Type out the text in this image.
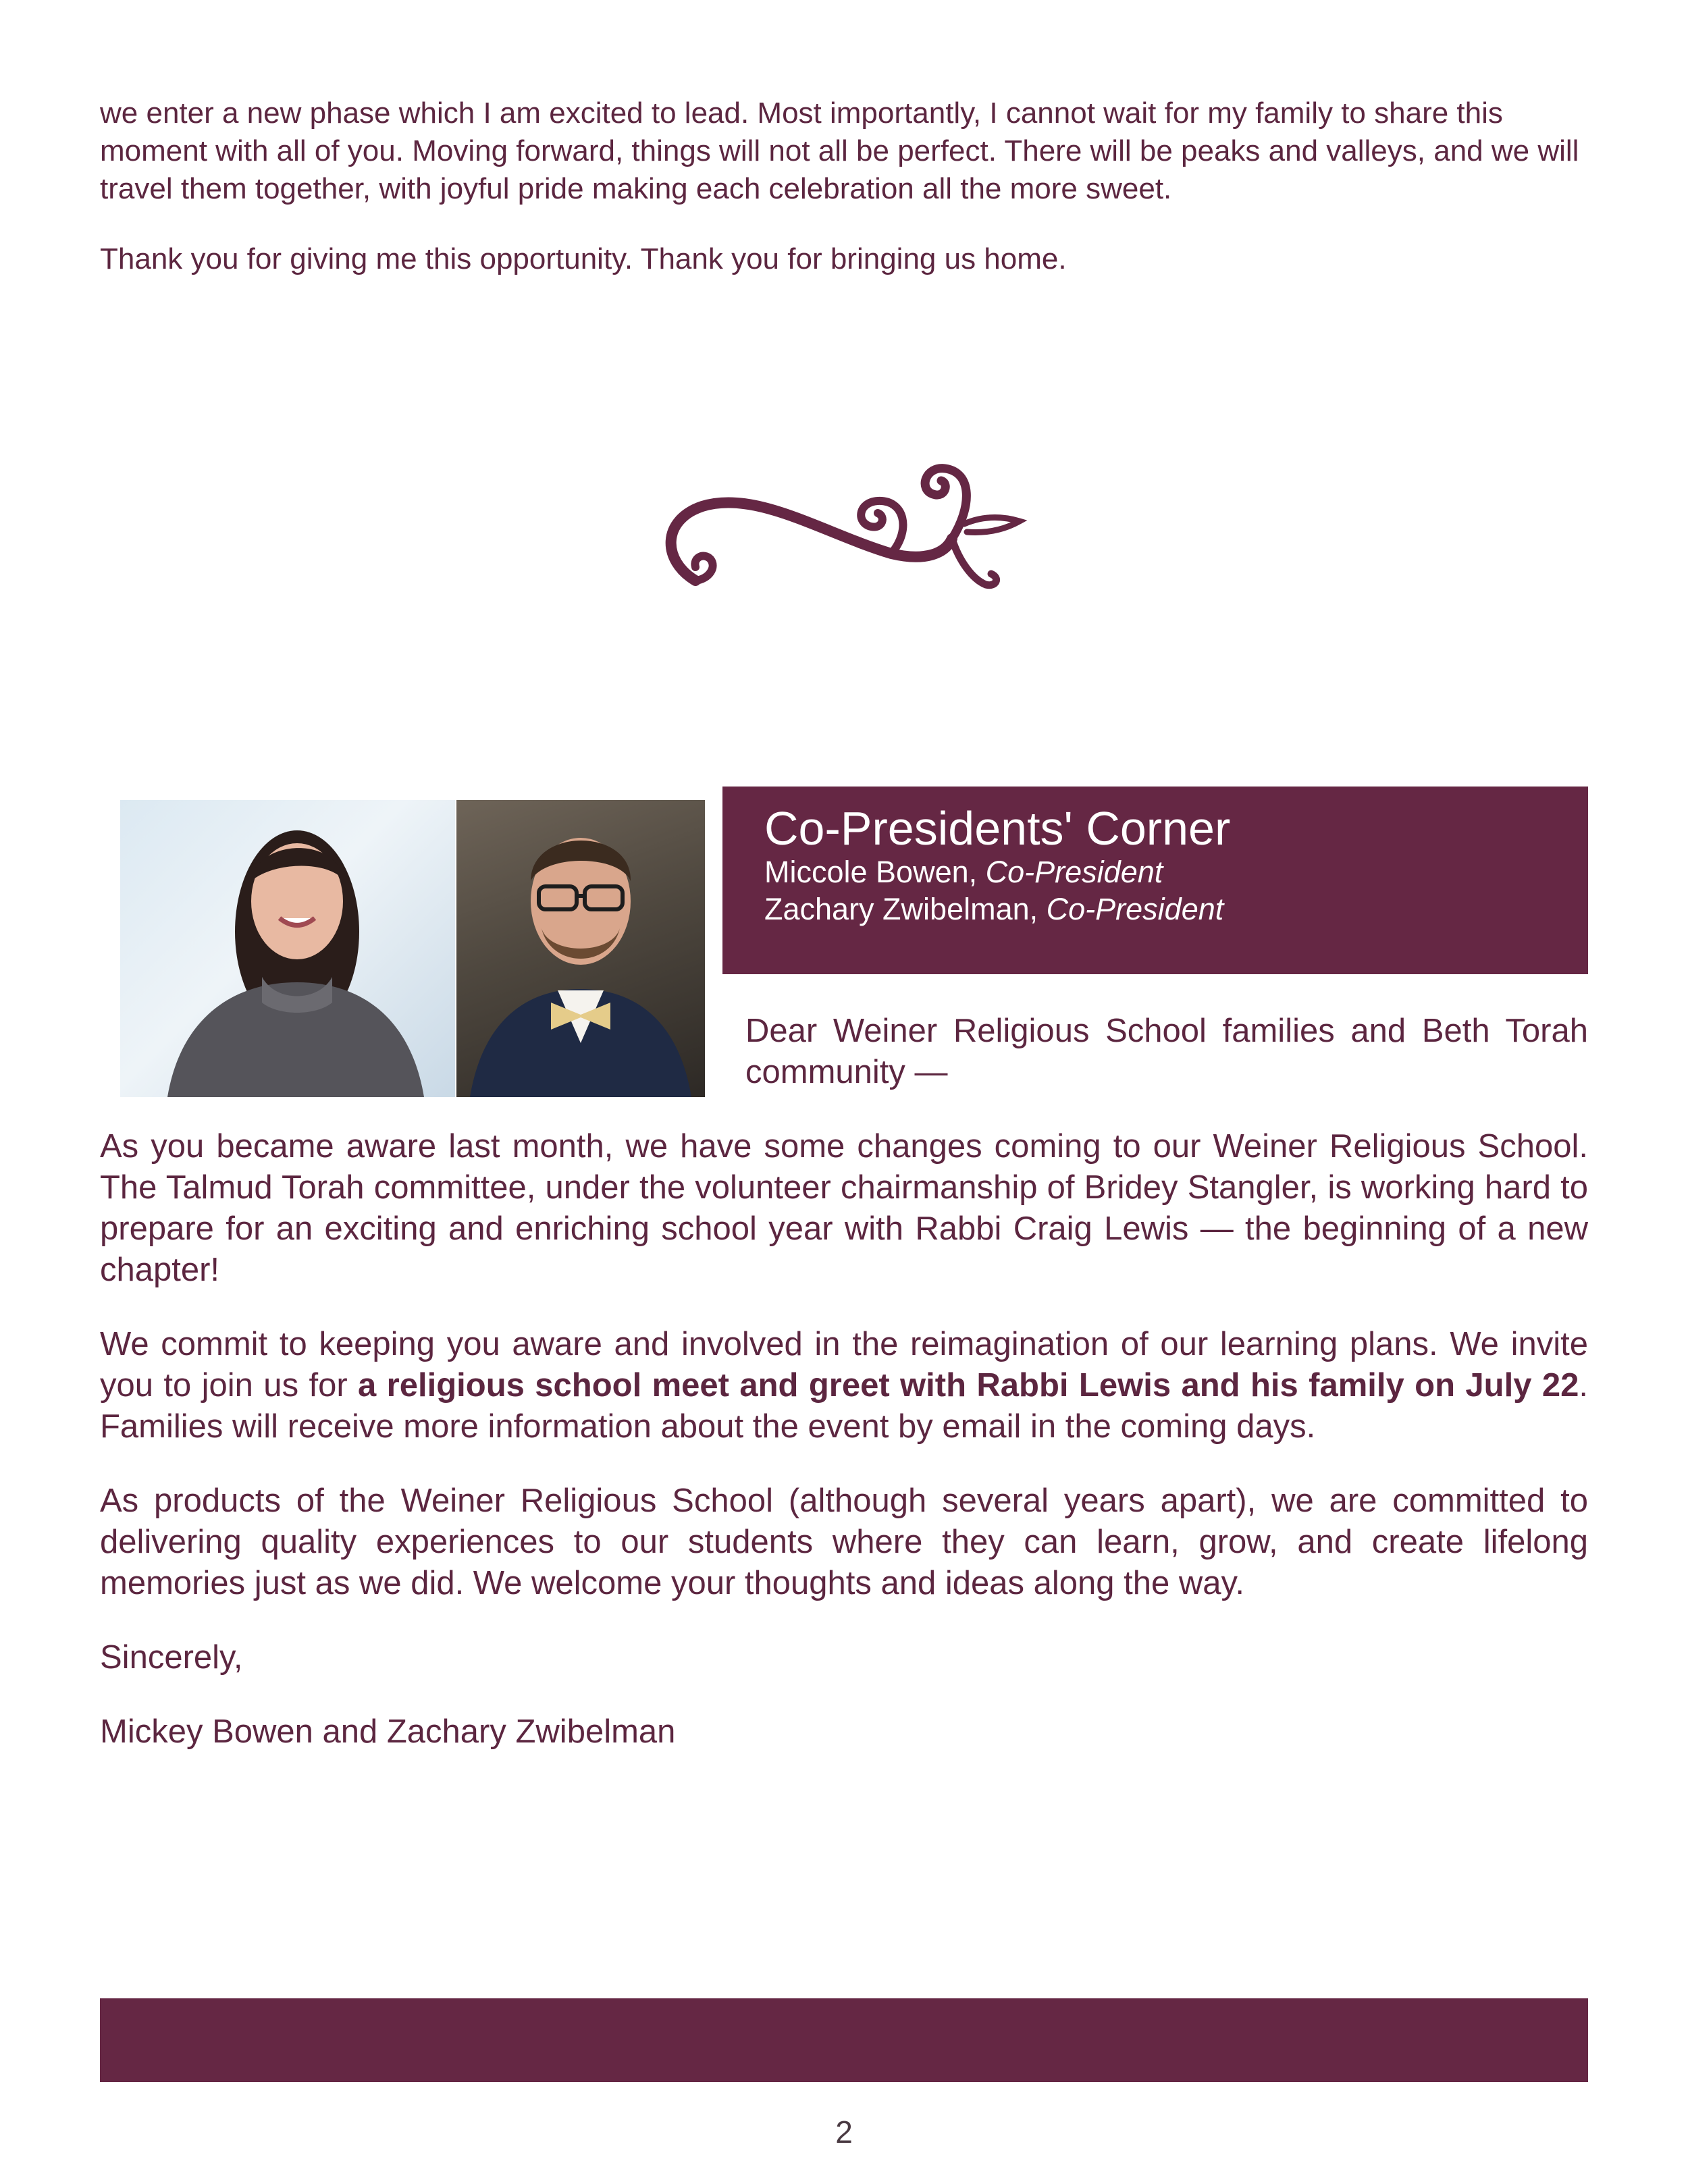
we enter a new phase which I am excited to lead. Most importantly, I cannot wait for my family to share this moment with all of you. Moving forward, things will not all be perfect. There will be peaks and valleys, and we will travel them together, with joyful pride making each celebration all the more sweet.

Thank you for giving me this opportunity. Thank you for bringing us home.

Co-Presidents' Corner
Miccole Bowen, Co-President
Zachary Zwibelman, Co-President

Dear Weiner Religious School families and Beth Torah community —

As you became aware last month, we have some changes coming to our Weiner Religious School. The Talmud Torah committee, under the volunteer chairmanship of Bridey Stangler, is working hard to prepare for an exciting and enriching school year with Rabbi Craig Lewis — the beginning of a new chapter!

We commit to keeping you aware and involved in the reimagination of our learning plans. We invite you to join us for a religious school meet and greet with Rabbi Lewis and his family on July 22. Families will receive more information about the event by email in the coming days.

As products of the Weiner Religious School (although several years apart), we are committed to delivering quality experiences to our students where they can learn, grow, and create lifelong memories just as we did. We welcome your thoughts and ideas along the way.

Sincerely,

Mickey Bowen and Zachary Zwibelman

2
